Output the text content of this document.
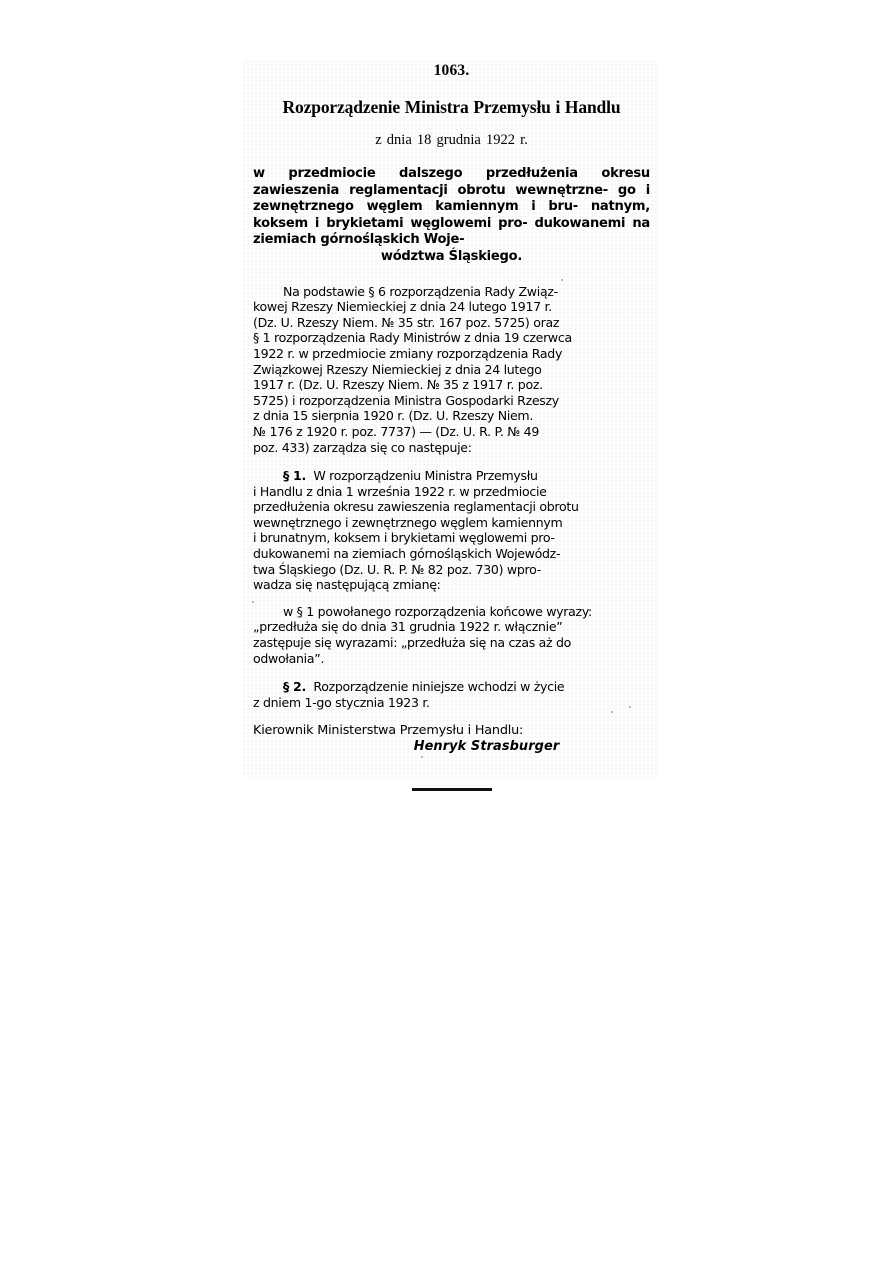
1063.
Rozporządzenie Ministra Przemysłu i Handlu
z dnia 18 grudnia 1922 r.
w przedmiocie dalszego przedłużenia okresu zawieszenia reglamentacji obrotu wewnętrzne- go i zewnętrznego węglem kamiennym i bru- natnym, koksem i brykietami węglowemi pro- dukowanemi na ziemiach górnośląskich Woje-
wództwa Śląskiego.
Na podstawie § 6 rozporządzenia Rady Związ-
kowej Rzeszy Niemieckiej z dnia 24 lutego 1917 r.
(Dz. U. Rzeszy Niem. № 35 str. 167 poz. 5725) oraz
§ 1 rozporządzenia Rady Ministrów z dnia 19 czerwca
1922 r. w przedmiocie zmiany rozporządzenia Rady
Związkowej Rzeszy Niemieckiej z dnia 24 lutego
1917 r. (Dz. U. Rzeszy Niem. № 35 z 1917 r. poz.
5725) i rozporządzenia Ministra Gospodarki Rzeszy
z dnia 15 sierpnia 1920 r. (Dz. U. Rzeszy Niem.
№ 176 z 1920 r. poz. 7737) — (Dz. U. R. P. № 49
poz. 433) zarządza się co następuje:
§ 1. W rozporządzeniu Ministra Przemysłu
i Handlu z dnia 1 września 1922 r. w przedmiocie
przedłużenia okresu zawieszenia reglamentacji obrotu
wewnętrznego i zewnętrznego węglem kamiennym
i brunatnym, koksem i brykietami węglowemi pro-
dukowanemi na ziemiach górnośląskich Wojewódz-
twa Śląskiego (Dz. U. R. P. № 82 poz. 730) wpro-
wadza się następującą zmianę:
w § 1 powołanego rozporządzenia końcowe wyrazy:
„przedłuża się do dnia 31 grudnia 1922 r. włącznie”
zastępuje się wyrazami: „przedłuża się na czas aż do
odwołania”.
§ 2. Rozporządzenie niniejsze wchodzi w życie
z dniem 1-go stycznia 1923 r.
Kierownik Ministerstwa Przemysłu i Handlu:
Henryk Strasburger
